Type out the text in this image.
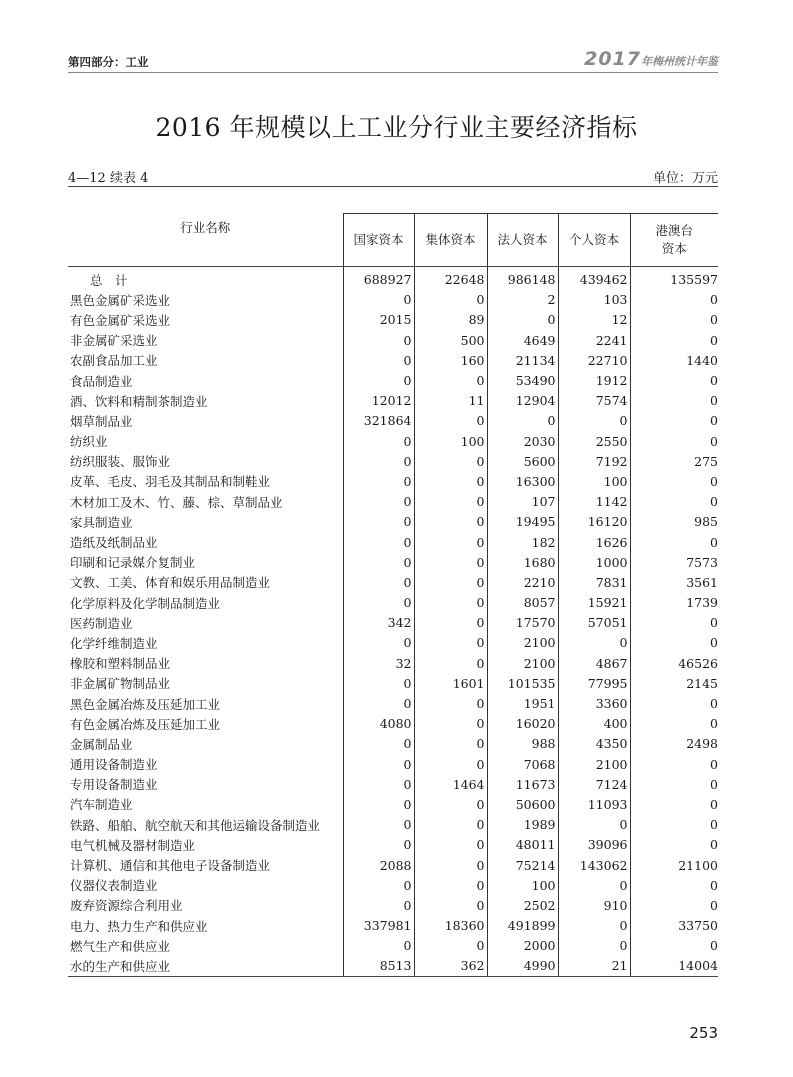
第四部分：工业	2017年梅州统计年鉴
2016 年规模以上工业分行业主要经济指标
4—12 续表 4	单位：万元
行业名称	国家资本	集体资本	法人资本	个人资本	港澳台
资本
总　计	688927	22648	986148	439462	135597
黑色金属矿采选业	0	0	2	103	0
有色金属矿采选业	2015	89	0	12	0
非金属矿采选业	0	500	4649	2241	0
农副食品加工业	0	160	21134	22710	1440
食品制造业	0	0	53490	1912	0
酒、饮料和精制茶制造业	12012	11	12904	7574	0
烟草制品业	321864	0	0	0	0
纺织业	0	100	2030	2550	0
纺织服装、服饰业	0	0	5600	7192	275
皮革、毛皮、羽毛及其制品和制鞋业	0	0	16300	100	0
木材加工及木、竹、藤、棕、草制品业	0	0	107	1142	0
家具制造业	0	0	19495	16120	985
造纸及纸制品业	0	0	182	1626	0
印刷和记录媒介复制业	0	0	1680	1000	7573
文教、工美、体育和娱乐用品制造业	0	0	2210	7831	3561
化学原料及化学制品制造业	0	0	8057	15921	1739
医药制造业	342	0	17570	57051	0
化学纤维制造业	0	0	2100	0	0
橡胶和塑料制品业	32	0	2100	4867	46526
非金属矿物制品业	0	1601	101535	77995	2145
黑色金属冶炼及压延加工业	0	0	1951	3360	0
有色金属冶炼及压延加工业	4080	0	16020	400	0
金属制品业	0	0	988	4350	2498
通用设备制造业	0	0	7068	2100	0
专用设备制造业	0	1464	11673	7124	0
汽车制造业	0	0	50600	11093	0
铁路、船舶、航空航天和其他运输设备制造业	0	0	1989	0	0
电气机械及器材制造业	0	0	48011	39096	0
计算机、通信和其他电子设备制造业	2088	0	75214	143062	21100
仪器仪表制造业	0	0	100	0	0
废弃资源综合利用业	0	0	2502	910	0
电力、热力生产和供应业	337981	18360	491899	0	33750
燃气生产和供应业	0	0	2000	0	0
水的生产和供应业	8513	362	4990	21	14004
253
